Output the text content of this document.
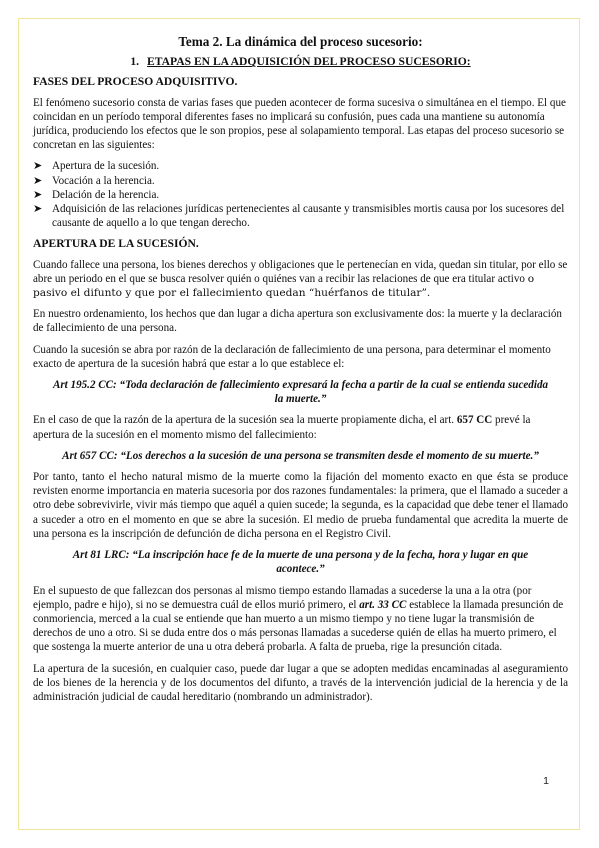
Tema 2. La dinámica del proceso sucesorio:
1. ETAPAS EN LA ADQUISICIÓN DEL PROCESO SUCESORIO:
FASES DEL PROCESO ADQUISITIVO.

El fenómeno sucesorio consta de varias fases que pueden acontecer de forma sucesiva o simultánea en el tiempo. El que coincidan en un período temporal diferentes fases no implicará su confusión, pues cada una mantiene su autonomía jurídica, produciendo los efectos que le son propios, pese al solapamiento temporal. Las etapas del proceso sucesorio se concretan en las siguientes:

➤ Apertura de la sucesión.
➤ Vocación a la herencia.
➤ Delación de la herencia.
➤ Adquisición de las relaciones jurídicas pertenecientes al causante y transmisibles mortis causa por los sucesores del causante de aquello a lo que tengan derecho.
APERTURA DE LA SUCESIÓN.

Cuando fallece una persona, los bienes derechos y obligaciones que le pertenecían en vida, quedan sin titular, por ello se abre un periodo en el que se busca resolver quién o quiénes van a recibir las relaciones de que era titular activo o pasivo el difunto y que por el fallecimiento quedan “huérfanos de titular”.

En nuestro ordenamiento, los hechos que dan lugar a dicha apertura son exclusivamente dos: la muerte y la declaración de fallecimiento de una persona.

Cuando la sucesión se abra por razón de la declaración de fallecimiento de una persona, para determinar el momento exacto de apertura de la sucesión habrá que estar a lo que establece el:

Art 195.2 CC: “Toda declaración de fallecimiento expresará la fecha a partir de la cual se entienda sucedida la muerte.”

En el caso de que la razón de la apertura de la sucesión sea la muerte propiamente dicha, el art. 657 CC prevé la apertura de la sucesión en el momento mismo del fallecimiento:

Art 657 CC: “Los derechos a la sucesión de una persona se transmiten desde el momento de su muerte.”

Por tanto, tanto el hecho natural mismo de la muerte como la fijación del momento exacto en que ésta se produce revisten enorme importancia en materia sucesoria por dos razones fundamentales: la primera, que el llamado a suceder a otro debe sobrevivirle, vivir más tiempo que aquél a quien sucede; la segunda, es la capacidad que debe tener el llamado a suceder a otro en el momento en que se abre la sucesión. El medio de prueba fundamental que acredita la muerte de una persona es la inscripción de defunción de dicha persona en el Registro Civil.

Art 81 LRC: “La inscripción hace fe de la muerte de una persona y de la fecha, hora y lugar en que acontece.”

En el supuesto de que fallezcan dos personas al mismo tiempo estando llamadas a sucederse la una a la otra (por ejemplo, padre e hijo), si no se demuestra cuál de ellos murió primero, el art. 33 CC establece la llamada presunción de conmoriencia, merced a la cual se entiende que han muerto a un mismo tiempo y no tiene lugar la transmisión de derechos de uno a otro. Si se duda entre dos o más personas llamadas a sucederse quién de ellas ha muerto primero, el que sostenga la muerte anterior de una u otra deberá probarla. A falta de prueba, rige la presunción citada.

La apertura de la sucesión, en cualquier caso, puede dar lugar a que se adopten medidas encaminadas al aseguramiento de los bienes de la herencia y de los documentos del difunto, a través de la intervención judicial de la herencia y de la administración judicial de caudal hereditario (nombrando un administrador).

1
